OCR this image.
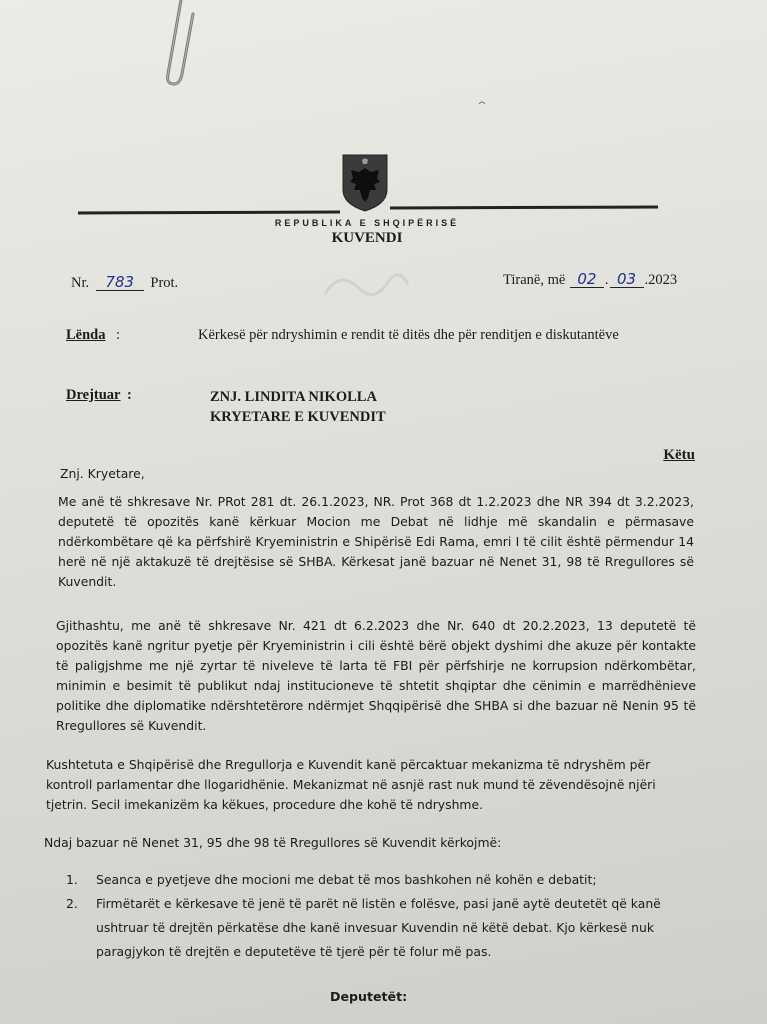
REPUBLIKA E SHQIPËRISË
KUVENDI
Nr. 783 Prot.	Tiranë, më 02 . 03 .2023
Lënda :	Kërkesë për ndryshimin e rendit të ditës dhe për renditjen e diskutantëve
Drejtuar :	ZNJ. LINDITA NIKOLLA
KRYETARE E KUVENDIT
Këtu
Znj. Kryetare,
Me anë të shkresave Nr. PRot 281 dt. 26.1.2023, NR. Prot 368 dt 1.2.2023 dhe NR 394 dt 3.2.2023, deputetë të opozitës kanë kërkuar Mocion me Debat në lidhje më skandalin e përmasave ndërkombëtare që ka përfshirë Kryeministrin e Shipërisë Edi Rama, emri I të cilit është përmendur 14 herë në një aktakuzë të drejtësise së SHBA. Kërkesat janë bazuar në Nenet 31, 98 të Rregullores së Kuvendit.
Gjithashtu, me anë të shkresave Nr. 421 dt 6.2.2023 dhe Nr. 640 dt 20.2.2023, 13 deputetë të opozitës kanë ngritur pyetje për Kryeministrin i cili është bërë objekt dyshimi dhe akuze për kontakte të paligjshme me një zyrtar të niveleve të larta të FBI për përfshirje ne korrupsion ndërkombëtar, minimin e besimit të publikut ndaj institucioneve të shtetit shqiptar dhe cënimin e marrëdhënieve politike dhe diplomatike ndërshtetërore ndërmjet Shqqipërisë dhe SHBA si dhe bazuar në Nenin 95 të Rregullores së Kuvendit.
Kushtetuta e Shqipërisë dhe Rregullorja e Kuvendit kanë përcaktuar mekanizma të ndryshëm për kontroll parlamentar dhe llogaridhënie. Mekanizmat në asnjë rast nuk mund të zëvendësojnë njëri tjetrin. Secil imekanizëm ka këkues, procedure dhe kohë të ndryshme.
Ndaj bazuar në Nenet 31, 95 dhe 98 të Rregullores së Kuvendit kërkojmë:
1.	Seanca e pyetjeve dhe mocioni me debat të mos bashkohen në kohën e debatit;
2.	Firmëtarët e kërkesave të jenë të parët në listën e folësve, pasi janë aytë deutetët që kanë ushtruar të drejtën përkatëse dhe kanë invesuar Kuvendin në këtë debat. Kjo kërkesë nuk paragjykon të drejtën e deputetëve të tjerë për të folur më pas.
Deputetët:
